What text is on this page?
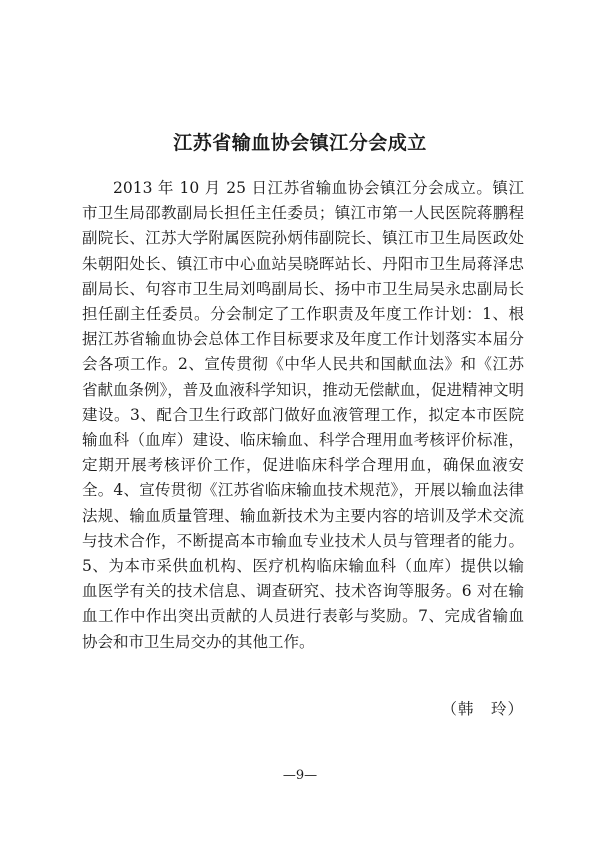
江苏省输血协会镇江分会成立

2013 年 10 月 25 日江苏省输血协会镇江分会成立。镇江市卫生局邵教副局长担任主任委员；镇江市第一人民医院蒋鹏程副院长、江苏大学附属医院孙炳伟副院长、镇江市卫生局医政处朱朝阳处长、镇江市中心血站吴晓晖站长、丹阳市卫生局蒋泽忠副局长、句容市卫生局刘鸣副局长、扬中市卫生局吴永忠副局长担任副主任委员。分会制定了工作职责及年度工作计划：1、根据江苏省输血协会总体工作目标要求及年度工作计划落实本届分会各项工作。2、宣传贯彻《中华人民共和国献血法》和《江苏省献血条例》，普及血液科学知识，推动无偿献血，促进精神文明建设。3、配合卫生行政部门做好血液管理工作，拟定本市医院输血科（血库）建设、临床输血、科学合理用血考核评价标准，定期开展考核评价工作，促进临床科学合理用血，确保血液安全。4、宣传贯彻《江苏省临床输血技术规范》，开展以输血法律法规、输血质量管理、输血新技术为主要内容的培训及学术交流与技术合作，不断提高本市输血专业技术人员与管理者的能力。5、为本市采供血机构、医疗机构临床输血科（血库）提供以输血医学有关的技术信息、调查研究、技术咨询等服务。6 对在输血工作中作出突出贡献的人员进行表彰与奖励。7、完成省输血协会和市卫生局交办的其他工作。

（韩　玲）
—9—
